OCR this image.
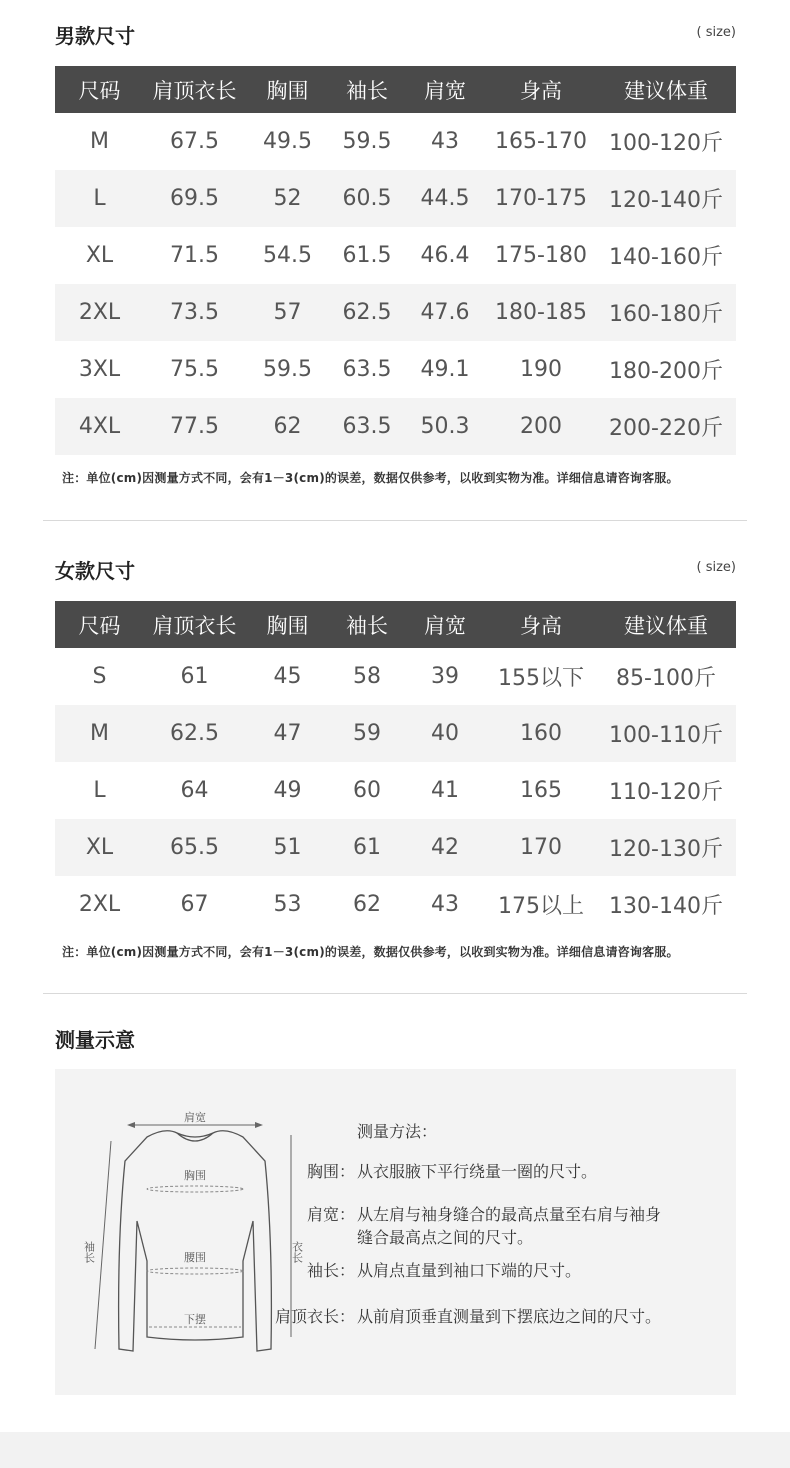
男款尺寸	( size)
尺码	肩顶衣长	胸围	袖长	肩宽	身高	建议体重
M	67.5	49.5	59.5	43	165-170	100-120斤
L	69.5	52	60.5	44.5	170-175	120-140斤
XL	71.5	54.5	61.5	46.4	175-180	140-160斤
2XL	73.5	57	62.5	47.6	180-185	160-180斤
3XL	75.5	59.5	63.5	49.1	190	180-200斤
4XL	77.5	62	63.5	50.3	200	200-220斤
注：单位(cm)因测量方式不同，会有1－3(cm)的误差，数据仅供参考，以收到实物为准。详细信息请咨询客服。
女款尺寸	( size)
尺码	肩顶衣长	胸围	袖长	肩宽	身高	建议体重
S	61	45	58	39	155以下	85-100斤
M	62.5	47	59	40	160	100-110斤
L	64	49	60	41	165	110-120斤
XL	65.5	51	61	42	170	120-130斤
2XL	67	53	62	43	175以上	130-140斤
注：单位(cm)因测量方式不同，会有1－3(cm)的误差，数据仅供参考，以收到实物为准。详细信息请咨询客服。
测量示意
肩宽
胸围
腰围
下摆
袖长	衣长
测量方法：
胸围： 从衣服腋下平行绕量一圈的尺寸。
肩宽： 从左肩与袖身缝合的最高点量至右肩与袖身缝合最高点之间的尺寸。
袖长： 从肩点直量到袖口下端的尺寸。
肩顶衣长： 从前肩顶垂直测量到下摆底边之间的尺寸。
